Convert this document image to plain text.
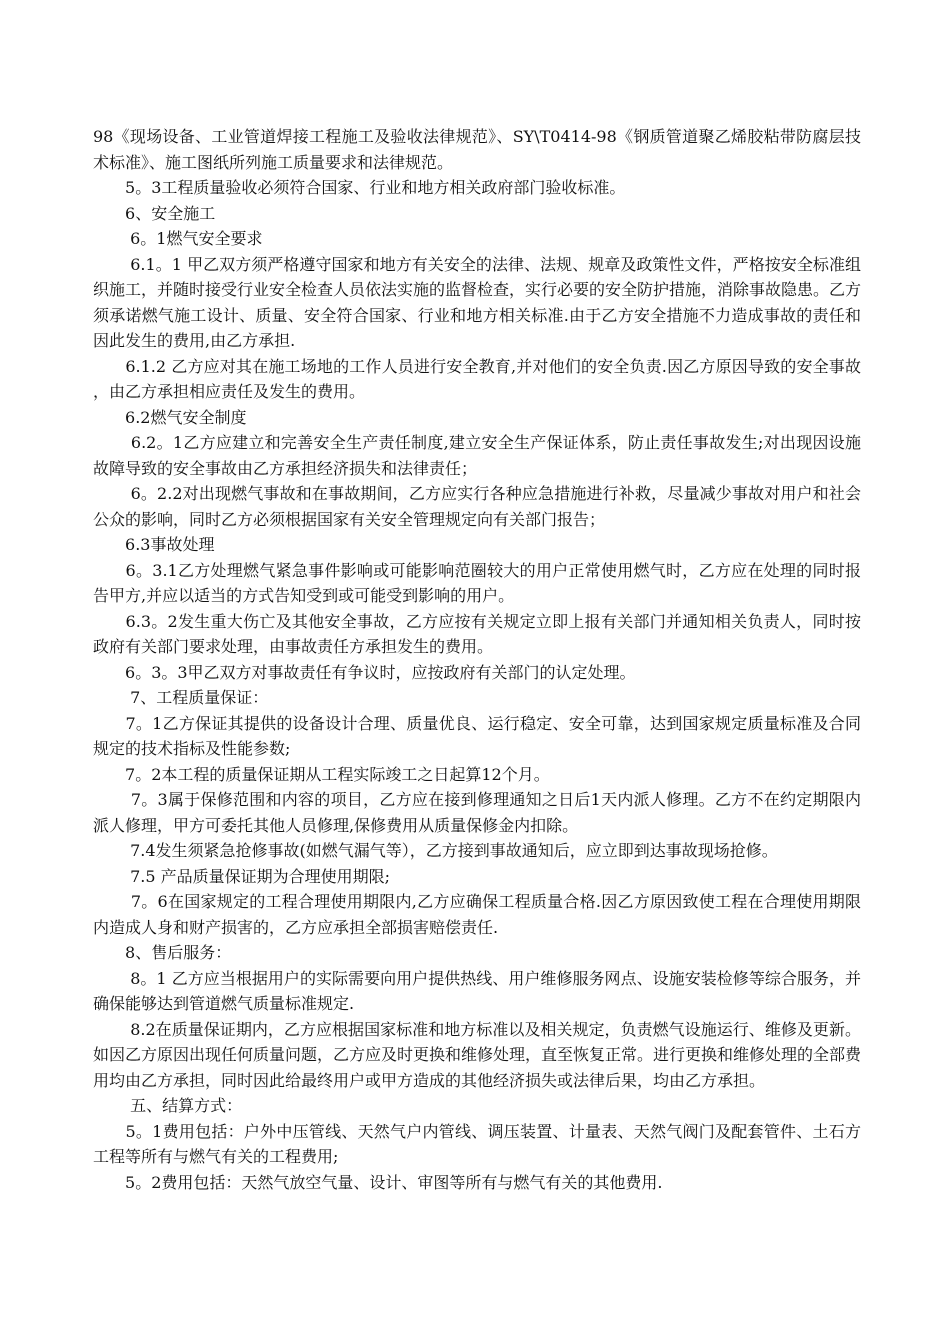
98《现场设备、工业管道焊接工程施工及验收法律规范》、SY\T0414-98《钢质管道聚乙烯胶粘带防腐层技术标准》、施工图纸所列施工质量要求和法律规范。

　　5。3工程质量验收必须符合国家、行业和地方相关政府部门验收标准。

　　6、安全施工

　　 6。1燃气安全要求

　　 6.1。1 甲乙双方须严格遵守国家和地方有关安全的法律、法规、规章及政策性文件，严格按安全标准组织施工，并随时接受行业安全检查人员依法实施的监督检查，实行必要的安全防护措施，消除事故隐患。乙方须承诺燃气施工设计、质量、安全符合国家、行业和地方相关标准.由于乙方安全措施不力造成事故的责任和因此发生的费用,由乙方承担.

　　6.1.2 乙方应对其在施工场地的工作人员进行安全教育,并对他们的安全负责.因乙方原因导致的安全事故，由乙方承担相应责任及发生的费用。

　　6.2燃气安全制度

　　 6.2。1乙方应建立和完善安全生产责任制度,建立安全生产保证体系，防止责任事故发生;对出现因设施故障导致的安全事故由乙方承担经济损失和法律责任；

　　 6。2.2对出现燃气事故和在事故期间，乙方应实行各种应急措施进行补救，尽量减少事故对用户和社会公众的影响，同时乙方必须根据国家有关安全管理规定向有关部门报告；

　　6.3事故处理

　　6。3.1乙方处理燃气紧急事件影响或可能影响范圈较大的用户正常使用燃气时，乙方应在处理的同时报告甲方,并应以适当的方式告知受到或可能受到影响的用户。

　　6.3。2发生重大伤亡及其他安全事故，乙方应按有关规定立即上报有关部门并通知相关负责人，同时按政府有关部门要求处理，由事故责任方承担发生的费用。

　　6。3。3甲乙双方对事故责任有争议时，应按政府有关部门的认定处理。

　　 7、工程质量保证：

　　7。1乙方保证其提供的设备设计合理、质量优良、运行稳定、安全可靠，达到国家规定质量标准及合同规定的技术指标及性能参数;

　　7。2本工程的质量保证期从工程实际竣工之日起算12个月。

　　 7。3属于保修范围和内容的项目，乙方应在接到修理通知之日后1天内派人修理。乙方不在约定期限内派人修理，甲方可委托其他人员修理,保修费用从质量保修金内扣除。

　　 7.4发生须紧急抢修事故(如燃气漏气等），乙方接到事故通知后，应立即到达事故现场抢修。

　　 7.5 产品质量保证期为合理使用期限;

　　 7。6在国家规定的工程合理使用期限内,乙方应确保工程质量合格.因乙方原因致使工程在合理使用期限内造成人身和财产损害的，乙方应承担全部损害赔偿责任.

　　8、售后服务：

　　 8。1 乙方应当根据用户的实际需要向用户提供热线、用户维修服务网点、设施安装检修等综合服务，并确保能够达到管道燃气质量标准规定.

　　 8.2在质量保证期内，乙方应根据国家标准和地方标准以及相关规定，负责燃气设施运行、维修及更新。如因乙方原因出现任何质量问题，乙方应及时更换和维修处理，直至恢复正常。进行更换和维修处理的全部费用均由乙方承担，同时因此给最终用户或甲方造成的其他经济损失或法律后果，均由乙方承担。

　　 五、结算方式：

　　5。1费用包括：户外中压管线、天然气户内管线、调压装置、计量表、天然气阀门及配套管件、土石方工程等所有与燃气有关的工程费用;

　　5。2费用包括：天然气放空气量、设计、审图等所有与燃气有关的其他费用.
